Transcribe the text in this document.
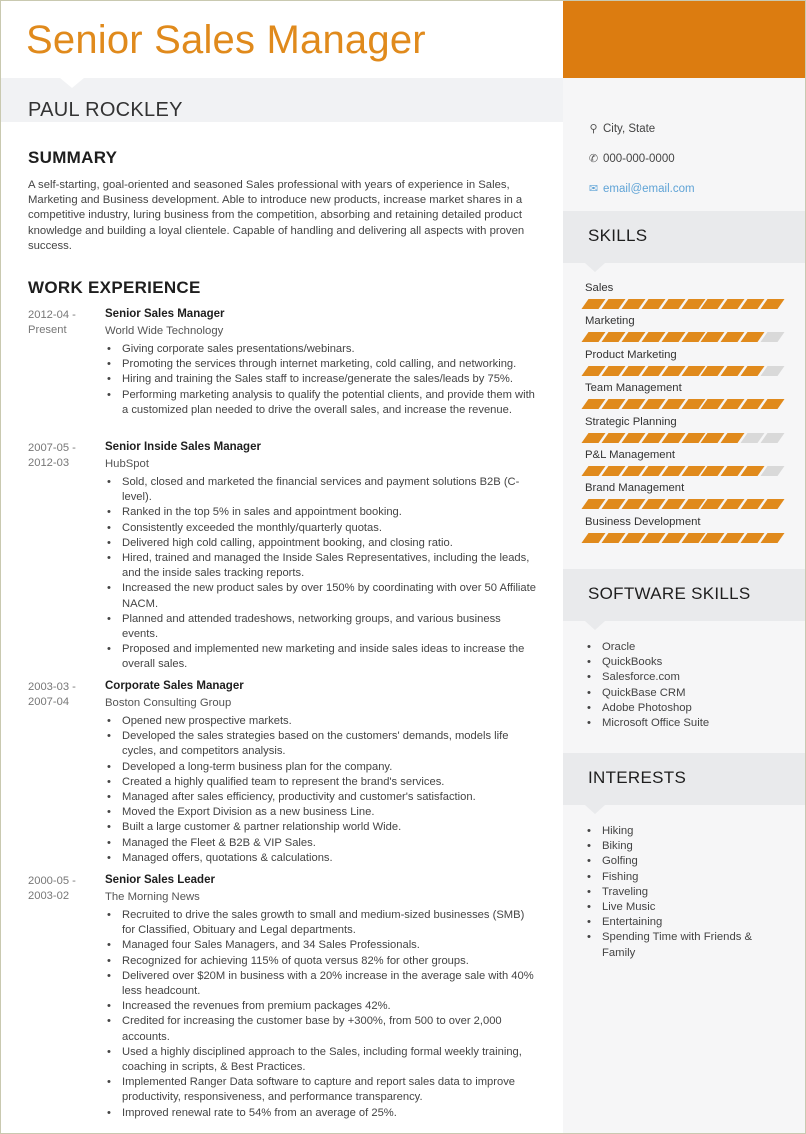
Senior Sales Manager
PAUL ROCKLEY
SUMMARY
A self-starting, goal-oriented and seasoned Sales professional with years of experience in Sales, Marketing and Business development. Able to introduce new products, increase market shares in a competitive industry, luring business from the competition, absorbing and retaining detailed product knowledge and building a loyal clientele. Capable of handling and delivering all aspects with proven success.
WORK EXPERIENCE
2012-04 -
Present
Senior Sales Manager
World Wide Technology
• Giving corporate sales presentations/webinars.
• Promoting the services through internet marketing, cold calling, and networking.
• Hiring and training the Sales staff to increase/generate the sales/leads by 75%.
• Performing marketing analysis to qualify the potential clients, and provide them with a customized plan needed to drive the overall sales, and increase the revenue.
2007-05 -
2012-03
Senior Inside Sales Manager
HubSpot
• Sold, closed and marketed the financial services and payment solutions B2B (C-level).
• Ranked in the top 5% in sales and appointment booking.
• Consistently exceeded the monthly/quarterly quotas.
• Delivered high cold calling, appointment booking, and closing ratio.
• Hired, trained and managed the Inside Sales Representatives, including the leads, and the inside sales tracking reports.
• Increased the new product sales by over 150% by coordinating with over 50 Affiliate NACM.
• Planned and attended tradeshows, networking groups, and various business events.
• Proposed and implemented new marketing and inside sales ideas to increase the overall sales.
2003-03 -
2007-04
Corporate Sales Manager
Boston Consulting Group
• Opened new prospective markets.
• Developed the sales strategies based on the customers' demands, models life cycles, and competitors analysis.
• Developed a long-term business plan for the company.
• Created a highly qualified team to represent the brand's services.
• Managed after sales efficiency, productivity and customer's satisfaction.
• Moved the Export Division as a new business Line.
• Built a large customer & partner relationship world Wide.
• Managed the Fleet & B2B & VIP Sales.
• Managed offers, quotations & calculations.
2000-05 -
2003-02
Senior Sales Leader
The Morning News
• Recruited to drive the sales growth to small and medium-sized businesses (SMB) for Classified, Obituary and Legal departments.
• Managed four Sales Managers, and 34 Sales Professionals.
• Recognized for achieving 115% of quota versus 82% for other groups.
• Delivered over $20M in business with a 20% increase in the average sale with 40% less headcount.
• Increased the revenues from premium packages 42%.
• Credited for increasing the customer base by +300%, from 500 to over 2,000 accounts.
• Used a highly disciplined approach to the Sales, including formal weekly training, coaching in scripts, & Best Practices.
• Implemented Ranger Data software to capture and report sales data to improve productivity, responsiveness, and performance transparency.
• Improved renewal rate to 54% from an average of 25%.
⚲ City, State
✆ 000-000-0000
✉ email@email.com
SKILLS
Sales
Marketing
Product Marketing
Team Management
Strategic Planning
P&L Management
Brand Management
Business Development
SOFTWARE SKILLS
• Oracle
• QuickBooks
• Salesforce.com
• QuickBase CRM
• Adobe Photoshop
• Microsoft Office Suite
INTERESTS
• Hiking
• Biking
• Golfing
• Fishing
• Traveling
• Live Music
• Entertaining
• Spending Time with Friends & Family
